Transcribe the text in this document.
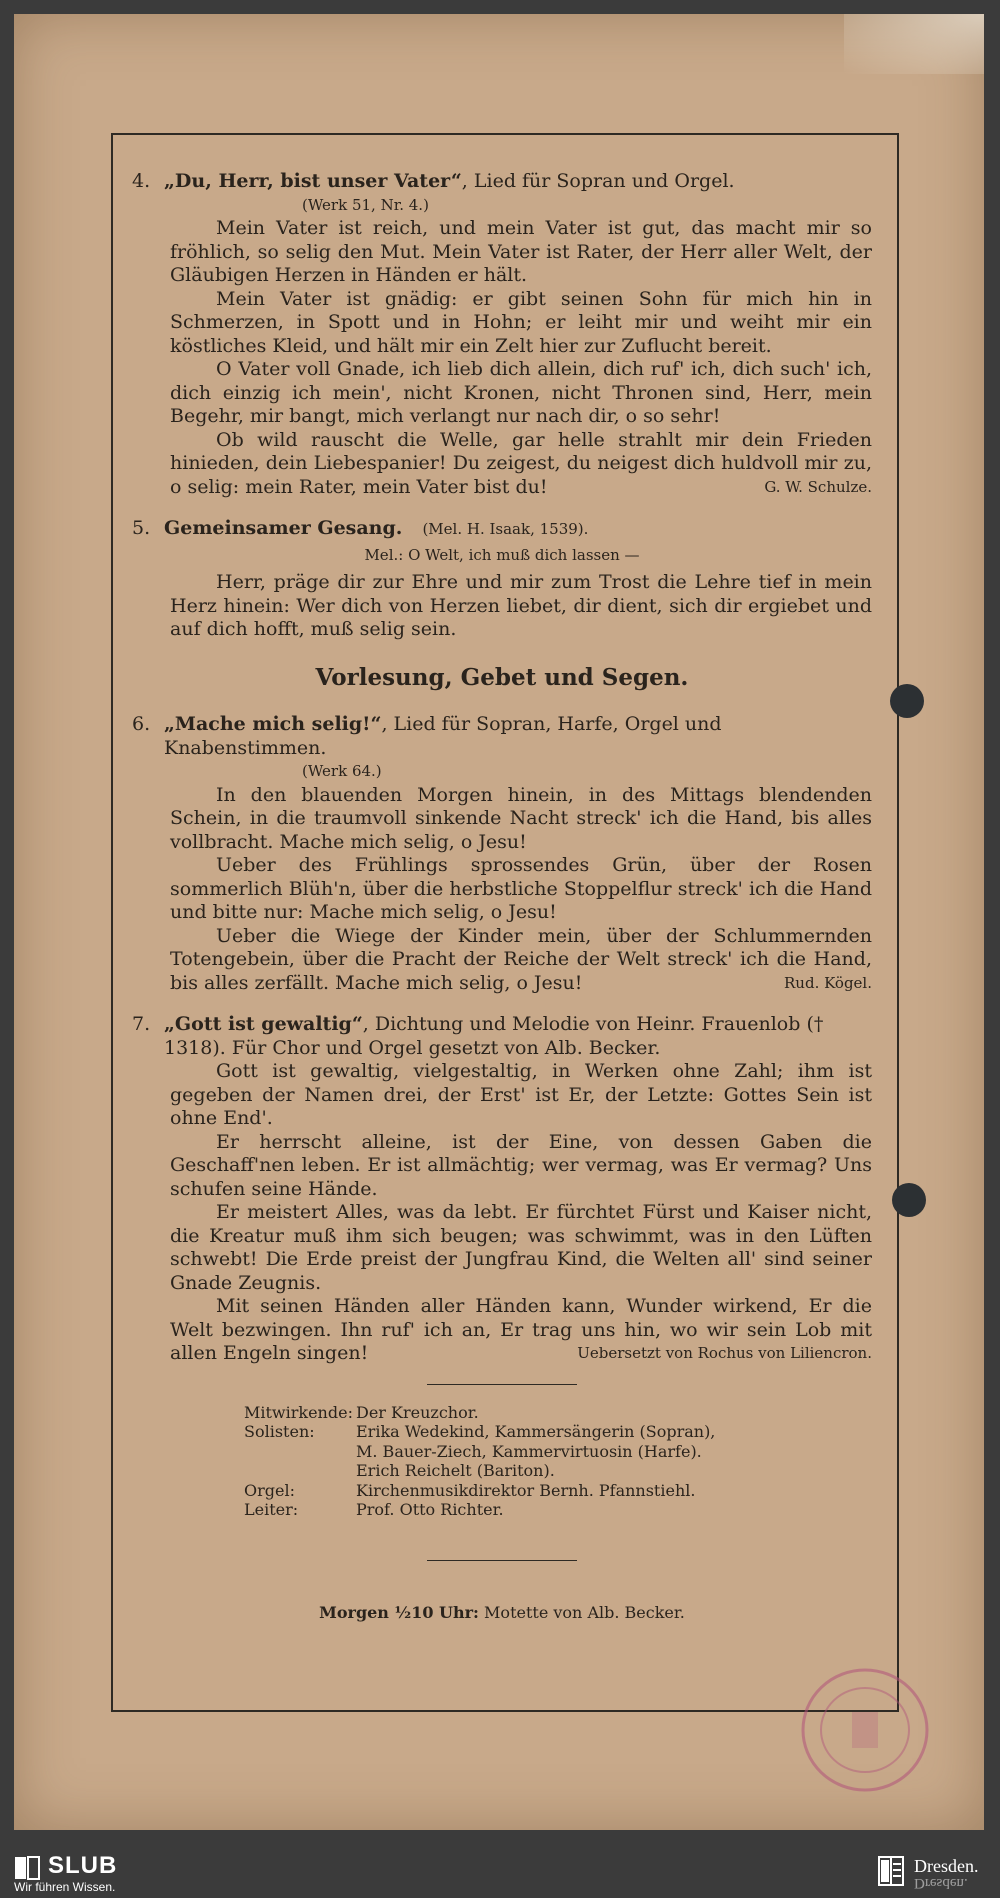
4. „Du, Herr, bist unser Vater“, Lied für Sopran und Orgel.
(Werk 51, Nr. 4.)

Mein Vater ist reich, und mein Vater ist gut, das macht mir so fröhlich, so selig den Mut. Mein Vater ist Rater, der Herr aller Welt, der Gläubigen Herzen in Händen er hält.

Mein Vater ist gnädig: er gibt seinen Sohn für mich hin in Schmerzen, in Spott und in Hohn; er leiht mir und weiht mir ein köstliches Kleid, und hält mir ein Zelt hier zur Zuflucht bereit.

O Vater voll Gnade, ich lieb dich allein, dich ruf' ich, dich such' ich, dich einzig ich mein', nicht Kronen, nicht Thronen sind, Herr, mein Begehr, mir bangt, mich verlangt nur nach dir, o so sehr!

Ob wild rauscht die Welle, gar helle strahlt mir dein Frieden hinieden, dein Liebespanier! Du zeigest, du neigest dich huldvoll mir zu, o selig: mein Rater, mein Vater bist du!	G. W. Schulze.

5. Gemeinsamer Gesang. (Mel. H. Isaak, 1539).
Mel.: O Welt, ich muß dich lassen —

Herr, präge dir zur Ehre und mir zum Trost die Lehre tief in mein Herz hinein: Wer dich von Herzen liebet, dir dient, sich dir ergiebet und auf dich hofft, muß selig sein.

Vorlesung, Gebet und Segen.
6. „Mache mich selig!“, Lied für Sopran, Harfe, Orgel und Knabenstimmen.
(Werk 64.)

In den blauenden Morgen hinein, in des Mittags blendenden Schein, in die traumvoll sinkende Nacht streck' ich die Hand, bis alles vollbracht. Mache mich selig, o Jesu!

Ueber des Frühlings sprossendes Grün, über der Rosen sommerlich Blüh'n, über die herbstliche Stoppelflur streck' ich die Hand und bitte nur: Mache mich selig, o Jesu!

Ueber die Wiege der Kinder mein, über der Schlummernden Totengebein, über die Pracht der Reiche der Welt streck' ich die Hand, bis alles zerfällt. Mache mich selig, o Jesu!	Rud. Kögel.

7. „Gott ist gewaltig“, Dichtung und Melodie von Heinr. Frauenlob († 1318). Für Chor und Orgel gesetzt von Alb. Becker.

Gott ist gewaltig, vielgestaltig, in Werken ohne Zahl; ihm ist gegeben der Namen drei, der Erst' ist Er, der Letzte: Gottes Sein ist ohne End'.

Er herrscht alleine, ist der Eine, von dessen Gaben die Geschaff'nen leben. Er ist allmächtig; wer vermag, was Er vermag? Uns schufen seine Hände.

Er meistert Alles, was da lebt. Er fürchtet Fürst und Kaiser nicht, die Kreatur muß ihm sich beugen; was schwimmt, was in den Lüften schwebt! Die Erde preist der Jungfrau Kind, die Welten all' sind seiner Gnade Zeugnis.

Mit seinen Händen aller Händen kann, Wunder wirkend, Er die Welt bezwingen. Ihn ruf' ich an, Er trag uns hin, wo wir sein Lob mit allen Engeln singen!	Uebersetzt von Rochus von Liliencron.

Mitwirkende: Der Kreuzchor.
Solisten:	Erika Wedekind, Kammersängerin (Sopran),
M. Bauer-Ziech, Kammervirtuosin (Harfe).
Erich Reichelt (Bariton).
Orgel:	Kirchenmusikdirektor Bernh. Pfannstiehl.
Leiter:	Prof. Otto Richter.
Morgen ½10 Uhr: Motette von Alb. Becker.
SLUB
Wir führen Wissen.
Dresden.
Dresden.
